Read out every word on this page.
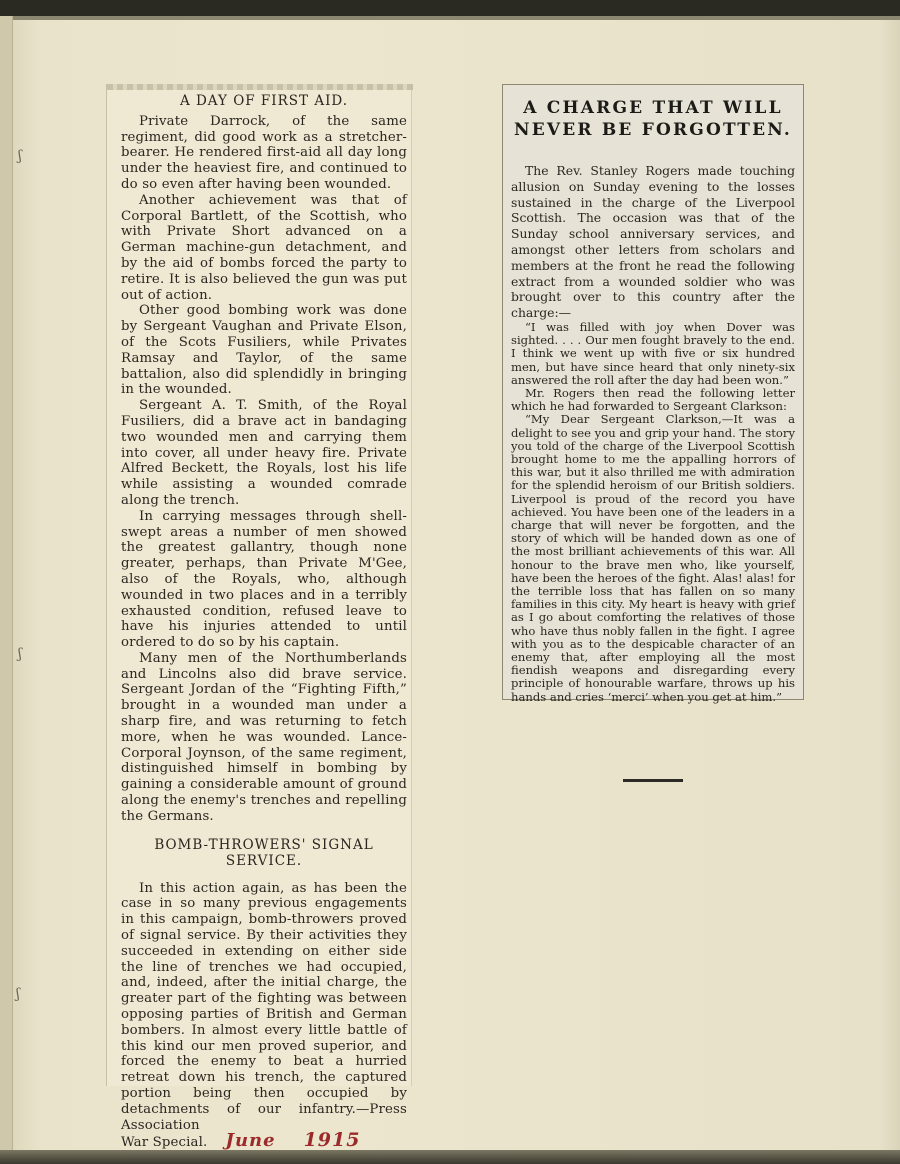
ʃ
ʃ
ʃ
A DAY OF FIRST AID.

Private Darrock, of the same regiment, did good work as a stretcher-bearer. He rendered first-aid all day long under the heaviest fire, and continued to do so even after having been wounded.

Another achievement was that of Corporal Bartlett, of the Scottish, who with Private Short advanced on a German machine-gun detachment, and by the aid of bombs forced the party to retire. It is also believed the gun was put out of action.

Other good bombing work was done by Sergeant Vaughan and Private Elson, of the Scots Fusiliers, while Privates Ramsay and Taylor, of the same battalion, also did splendidly in bringing in the wounded.

Sergeant A. T. Smith, of the Royal Fusiliers, did a brave act in bandaging two wounded men and carrying them into cover, all under heavy fire. Private Alfred Beckett, the Royals, lost his life while assisting a wounded comrade along the trench.

In carrying messages through shell-swept areas a number of men showed the greatest gallantry, though none greater, perhaps, than Private M'Gee, also of the Royals, who, although wounded in two places and in a terribly exhausted condition, refused leave to have his injuries attended to until ordered to do so by his captain.

Many men of the Northumberlands and Lincolns also did brave service. Sergeant Jordan of the “Fighting Fifth,” brought in a wounded man under a sharp fire, and was returning to fetch more, when he was wounded. Lance-Corporal Joynson, of the same regiment, distinguished himself in bombing by gaining a considerable amount of ground along the enemy's trenches and repelling the Germans.

BOMB-THROWERS' SIGNAL SERVICE.

In this action again, as has been the case in so many previous engagements in this campaign, bomb-throwers proved of signal service. By their activities they succeeded in extending on either side the line of trenches we had occupied, and, indeed, after the initial charge, the greater part of the fighting was between opposing parties of British and German bombers. In almost every little battle of this kind our men proved superior, and forced the enemy to beat a hurried retreat down his trench, the captured portion being then occupied by detachments of our infantry.—Press Association

War Special. June 1915
A CHARGE THAT WILL NEVER BE FORGOTTEN.

The Rev. Stanley Rogers made touching allusion on Sunday evening to the losses sustained in the charge of the Liverpool Scottish. The occasion was that of the Sunday school anniversary services, and amongst other letters from scholars and members at the front he read the following extract from a wounded soldier who was brought over to this country after the charge:—

“I was filled with joy when Dover was sighted. . . . Our men fought bravely to the end. I think we went up with five or six hundred men, but have since heard that only ninety-six answered the roll after the day had been won.”

Mr. Rogers then read the following letter which he had forwarded to Sergeant Clarkson:

“My Dear Sergeant Clarkson,—It was a delight to see you and grip your hand. The story you told of the charge of the Liverpool Scottish brought home to me the appalling horrors of this war, but it also thrilled me with admiration for the splendid heroism of our British soldiers. Liverpool is proud of the record you have achieved. You have been one of the leaders in a charge that will never be forgotten, and the story of which will be handed down as one of the most brilliant achievements of this war. All honour to the brave men who, like yourself, have been the heroes of the fight. Alas! alas! for the terrible loss that has fallen on so many families in this city. My heart is heavy with grief as I go about comforting the relatives of those who have thus nobly fallen in the fight. I agree with you as to the despicable character of an enemy that, after employing all the most fiendish weapons and disregarding every principle of honourable warfare, throws up his hands and cries ‘merci’ when you get at him.”
